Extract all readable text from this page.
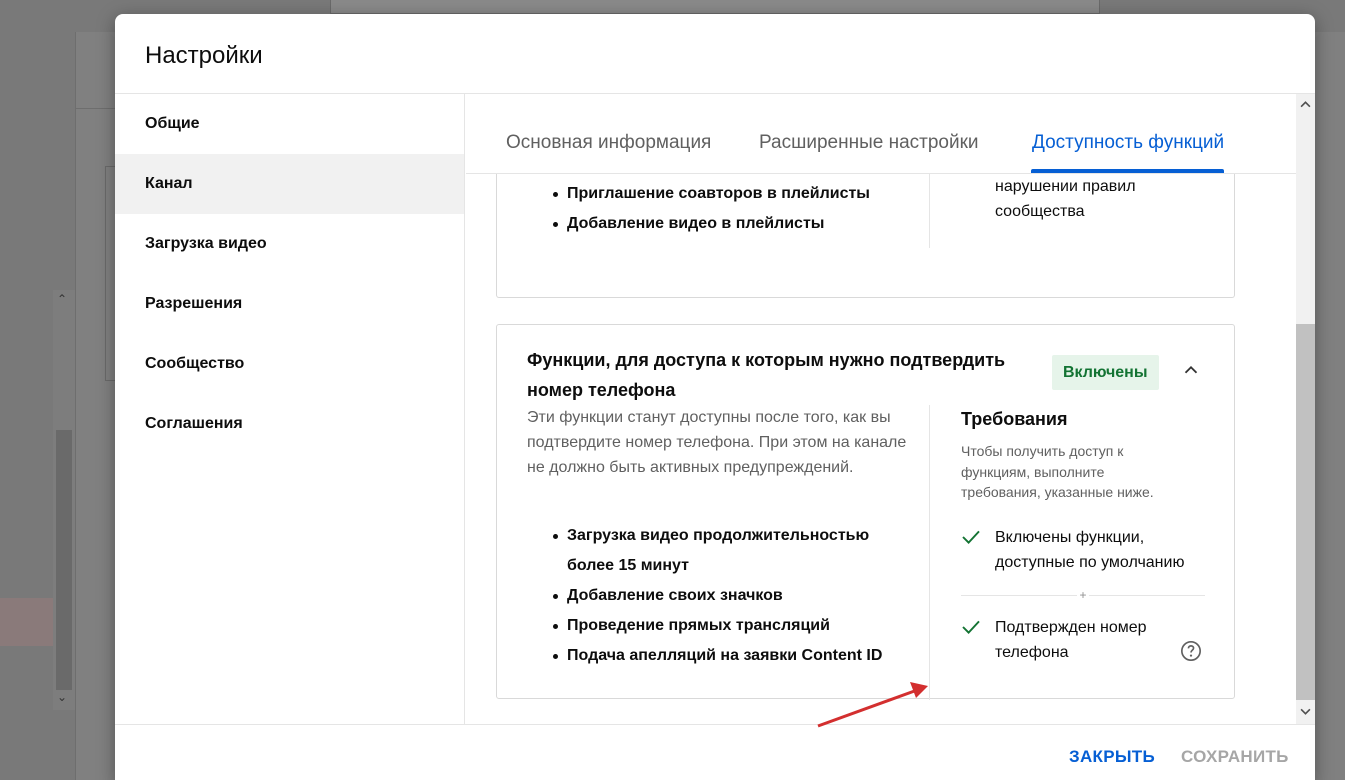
⌃
⌄
Настройки
Общие
Канал
Загрузка видео
Разрешения
Сообщество
Соглашения
Основная информация	Расширенные настройки	Доступность функций
Приглашение соавторов в плейлисты
Добавление видео в плейлисты
нарушении правил сообщества
Функции, для доступа к которым нужно подтвердить номер телефона
Включены
Эти функции станут доступны после того, как вы подтвердите номер телефона. При этом на канале не должно быть активных предупреждений.
Загрузка видео продолжительностью более 15 минут
Добавление своих значков
Проведение прямых трансляций
Подача апелляций на заявки Content ID
Требования
Чтобы получить доступ к функциям, выполните требования, указанные ниже.
Включены функции, доступные по умолчанию
+
Подтвержден номер телефона
ЗАКРЫТЬ СОХРАНИТЬ
